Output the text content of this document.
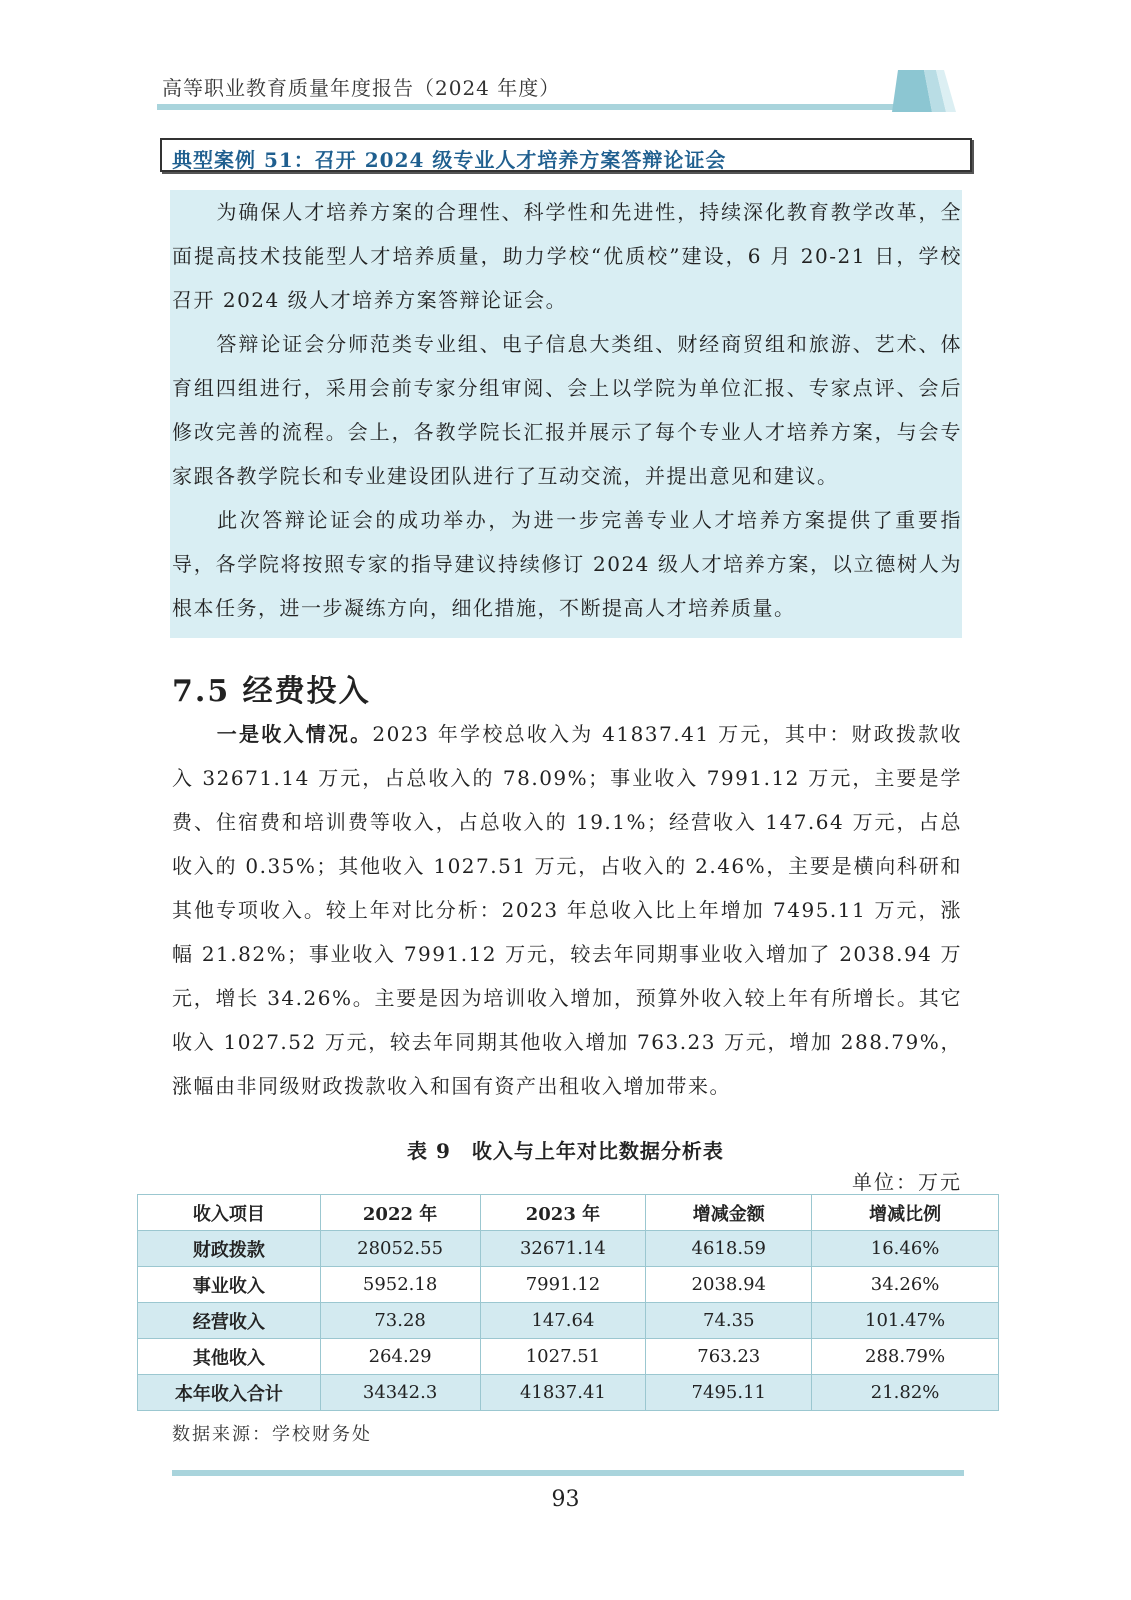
高等职业教育质量年度报告（2024 年度）
典型案例 51：召开 2024 级专业人才培养方案答辩论证会

为确保人才培养方案的合理性、科学性和先进性，持续深化教育教学改革，全面提高技术技能型人才培养质量，助力学校“优质校”建设，6 月 20-21 日，学校召开 2024 级人才培养方案答辩论证会。

答辩论证会分师范类专业组、电子信息大类组、财经商贸组和旅游、艺术、体育组四组进行，采用会前专家分组审阅、会上以学院为单位汇报、专家点评、会后修改完善的流程。会上，各教学院长汇报并展示了每个专业人才培养方案，与会专家跟各教学院长和专业建设团队进行了互动交流，并提出意见和建议。

此次答辩论证会的成功举办，为进一步完善专业人才培养方案提供了重要指导，各学院将按照专家的指导建议持续修订 2024 级人才培养方案，以立德树人为根本任务，进一步凝练方向，细化措施，不断提高人才培养质量。

7.5 经费投入

一是收入情况。2023 年学校总收入为 41837.41 万元，其中：财政拨款收入 32671.14 万元，占总收入的 78.09%；事业收入 7991.12 万元，主要是学费、住宿费和培训费等收入，占总收入的 19.1%；经营收入 147.64 万元，占总收入的 0.35%；其他收入 1027.51 万元，占收入的 2.46%，主要是横向科研和其他专项收入。较上年对比分析：2023 年总收入比上年增加 7495.11 万元，涨幅 21.82%；事业收入 7991.12 万元，较去年同期事业收入增加了 2038.94 万元，增长 34.26%。主要是因为培训收入增加，预算外收入较上年有所增长。其它收入 1027.52 万元，较去年同期其他收入增加 763.23 万元，增加 288.79%，涨幅由非同级财政拨款收入和国有资产出租收入增加带来。

表 9　收入与上年对比数据分析表
单位：万元
收入项目	2022 年	2023 年	增减金额	增减比例
财政拨款	28052.55	32671.14	4618.59	16.46%
事业收入	5952.18	7991.12	2038.94	34.26%
经营收入	73.28	147.64	74.35	101.47%
其他收入	264.29	1027.51	763.23	288.79%
本年收入合计	34342.3	41837.41	7495.11	21.82%
数据来源：学校财务处
93
